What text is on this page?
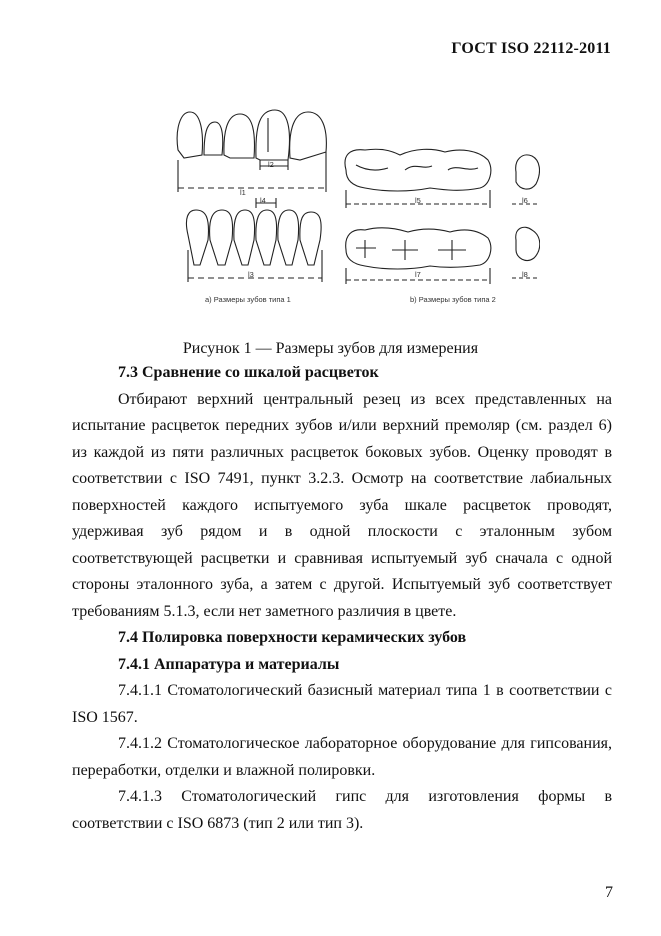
ГОСТ ISO 22112-2011
l1
l2
l3
l4	l5	l6
l7	l8
а) Размеры зубов типа 1	b) Размеры зубов типа 2
Рисунок 1 — Размеры зубов для измерения
7.3 Сравнение со шкалой расцветок

Отбирают верхний центральный резец из всех представленных на испытание расцветок передних зубов и/или верхний премоляр (см. раздел 6) из каждой из пяти различных расцветок боковых зубов. Оценку проводят в соответствии с ISO 7491, пункт 3.2.3. Осмотр на соответствие лабиальных поверхностей каждого испытуемого зуба шкале расцветок проводят, удерживая зуб рядом и в одной плоскости с эталонным зубом соответствующей расцветки и сравнивая испытуемый зуб сначала с одной стороны эталонного зуба, а затем с другой. Испытуемый зуб соответствует требованиям 5.1.3, если нет заметного различия в цвете.

7.4 Полировка поверхности керамических зубов
7.4.1 Аппаратура и материалы

7.4.1.1 Стоматологический базисный материал типа 1 в соответствии с ISO 1567.

7.4.1.2 Стоматологическое лабораторное оборудование для гипсования, переработки, отделки и влажной полировки.

7.4.1.3 Стоматологический гипс для изготовления формы в соответствии с ISO 6873 (тип 2 или тип 3).

7
